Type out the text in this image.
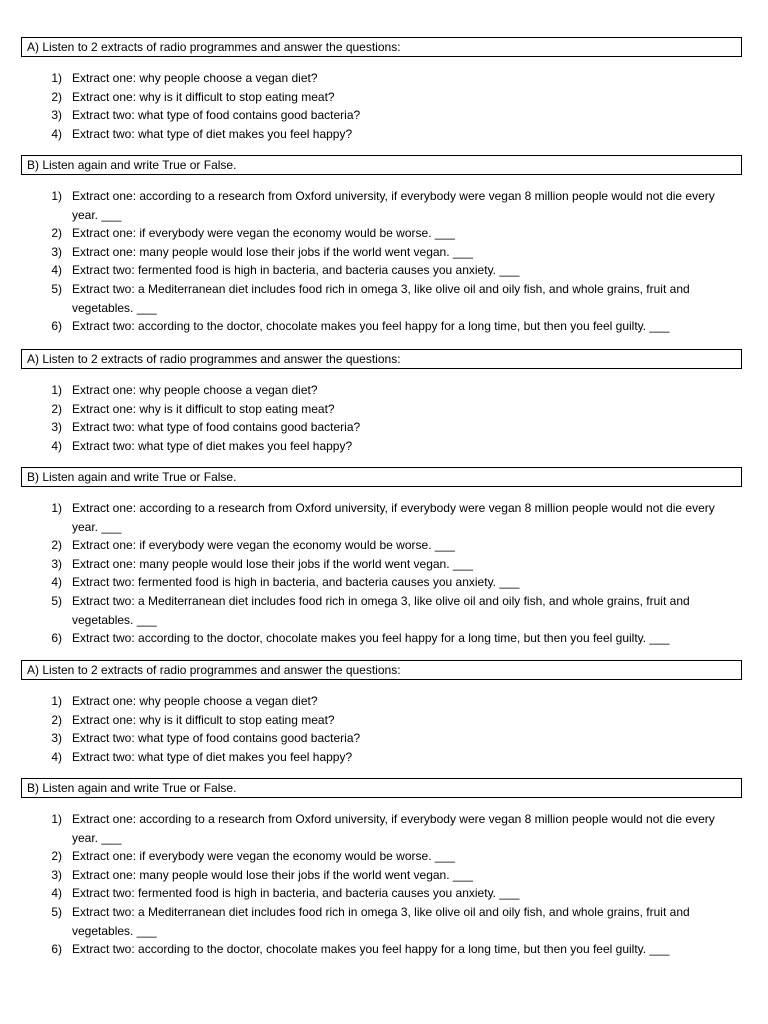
A) Listen to 2 extracts of radio programmes and answer the questions:
1) Extract one: why people choose a vegan diet?
2) Extract one: why is it difficult to stop eating meat?
3) Extract two: what type of food contains good bacteria?
4) Extract two: what type of diet makes you feel happy?
B) Listen again and write True or False.
1) Extract one: according to a research from Oxford university, if everybody were vegan 8 million people would not die every year. ___
2) Extract one: if everybody were vegan the economy would be worse. ___
3) Extract one: many people would lose their jobs if the world went vegan. ___
4) Extract two: fermented food is high in bacteria, and bacteria causes you anxiety. ___
5) Extract two: a Mediterranean diet includes food rich in omega 3, like olive oil and oily fish, and whole grains, fruit and vegetables. ___
6) Extract two: according to the doctor, chocolate makes you feel happy for a long time, but then you feel guilty. ___
A) Listen to 2 extracts of radio programmes and answer the questions:
1) Extract one: why people choose a vegan diet?
2) Extract one: why is it difficult to stop eating meat?
3) Extract two: what type of food contains good bacteria?
4) Extract two: what type of diet makes you feel happy?
B) Listen again and write True or False.
1) Extract one: according to a research from Oxford university, if everybody were vegan 8 million people would not die every year. ___
2) Extract one: if everybody were vegan the economy would be worse. ___
3) Extract one: many people would lose their jobs if the world went vegan. ___
4) Extract two: fermented food is high in bacteria, and bacteria causes you anxiety. ___
5) Extract two: a Mediterranean diet includes food rich in omega 3, like olive oil and oily fish, and whole grains, fruit and vegetables. ___
6) Extract two: according to the doctor, chocolate makes you feel happy for a long time, but then you feel guilty. ___
A) Listen to 2 extracts of radio programmes and answer the questions:
1) Extract one: why people choose a vegan diet?
2) Extract one: why is it difficult to stop eating meat?
3) Extract two: what type of food contains good bacteria?
4) Extract two: what type of diet makes you feel happy?
B) Listen again and write True or False.
1) Extract one: according to a research from Oxford university, if everybody were vegan 8 million people would not die every year. ___
2) Extract one: if everybody were vegan the economy would be worse. ___
3) Extract one: many people would lose their jobs if the world went vegan. ___
4) Extract two: fermented food is high in bacteria, and bacteria causes you anxiety. ___
5) Extract two: a Mediterranean diet includes food rich in omega 3, like olive oil and oily fish, and whole grains, fruit and vegetables. ___
6) Extract two: according to the doctor, chocolate makes you feel happy for a long time, but then you feel guilty. ___
